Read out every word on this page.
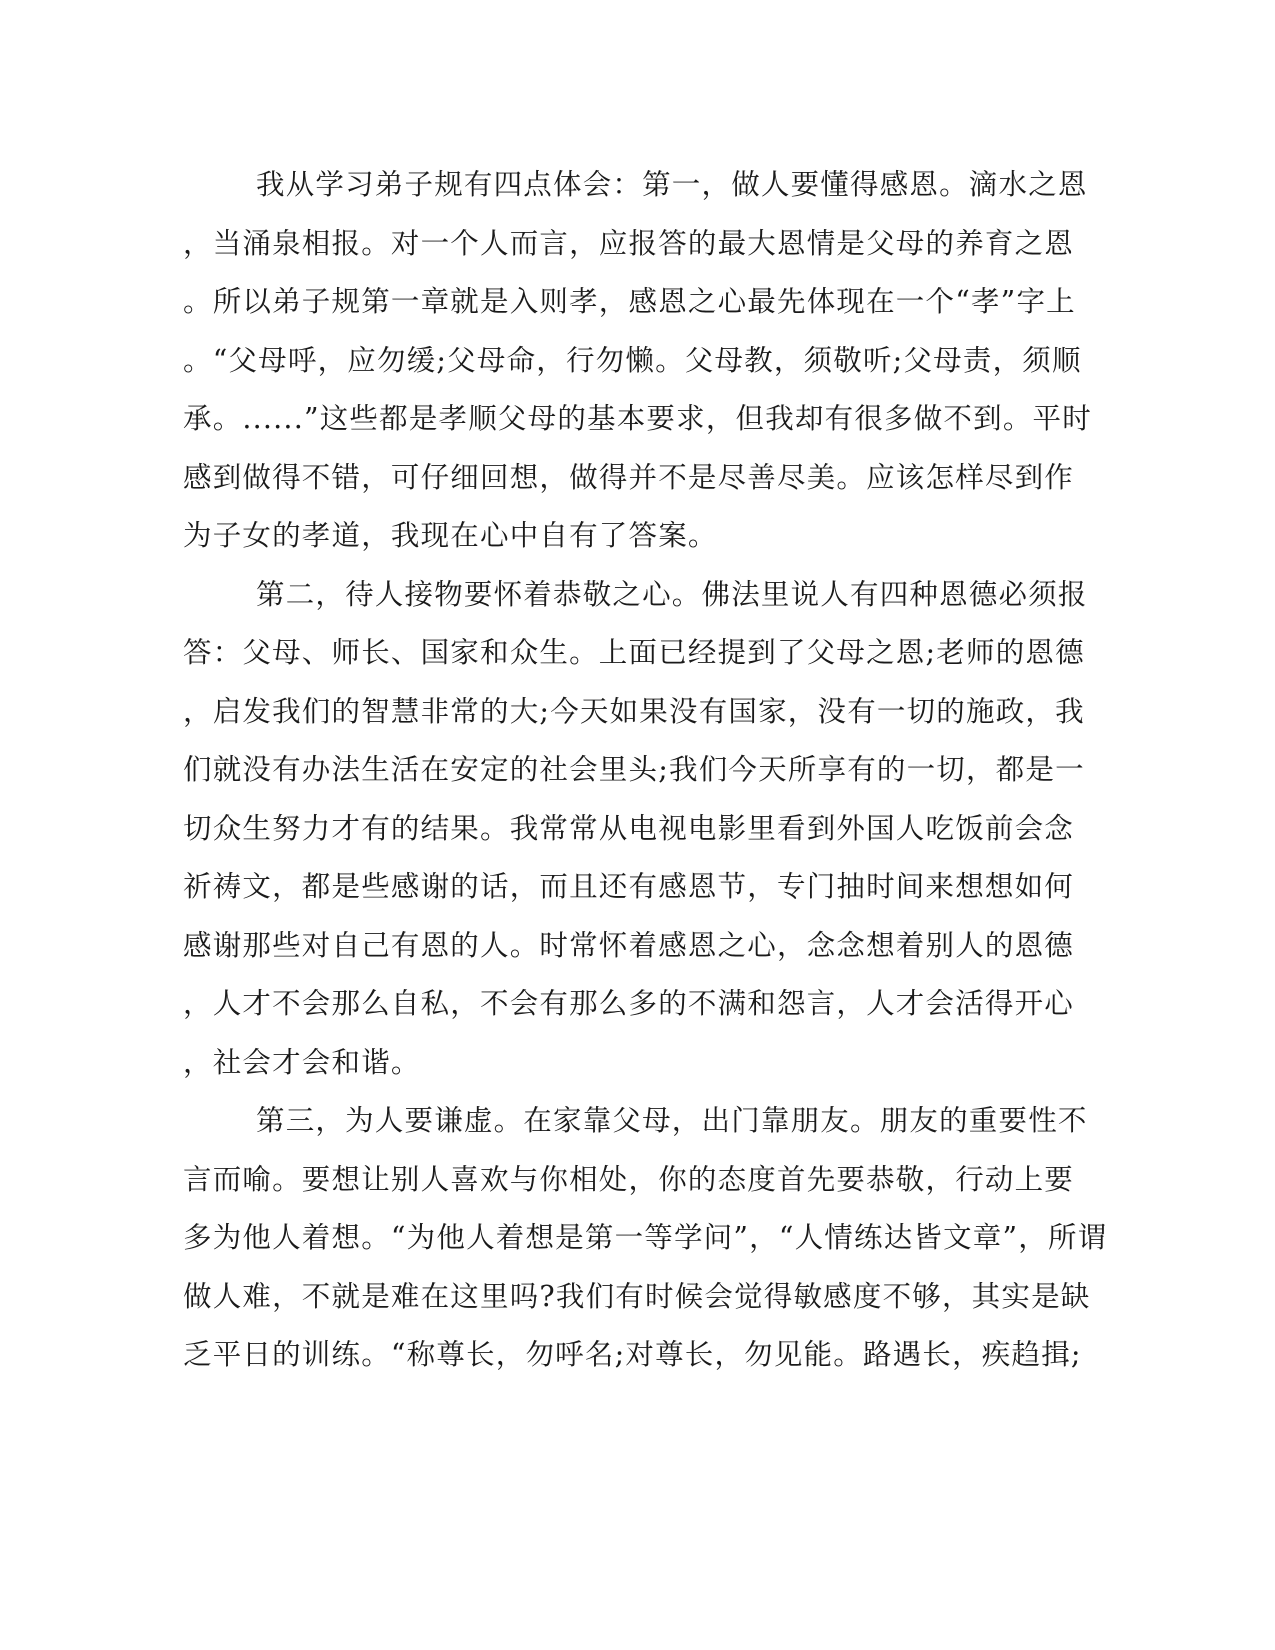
我从学习弟子规有四点体会：第一，做人要懂得感恩。滴水之恩
，当涌泉相报。对一个人而言，应报答的最大恩情是父母的养育之恩
。所以弟子规第一章就是入则孝，感恩之心最先体现在一个“孝”字上
。“父母呼，应勿缓;父母命，行勿懒。父母教，须敬听;父母责，须顺
承。......”这些都是孝顺父母的基本要求，但我却有很多做不到。平时
感到做得不错，可仔细回想，做得并不是尽善尽美。应该怎样尽到作
为子女的孝道，我现在心中自有了答案。
第二，待人接物要怀着恭敬之心。佛法里说人有四种恩德必须报
答：父母、师长、国家和众生。上面已经提到了父母之恩;老师的恩德
，启发我们的智慧非常的大;今天如果没有国家，没有一切的施政，我
们就没有办法生活在安定的社会里头;我们今天所享有的一切，都是一
切众生努力才有的结果。我常常从电视电影里看到外国人吃饭前会念
祈祷文，都是些感谢的话，而且还有感恩节，专门抽时间来想想如何
感谢那些对自己有恩的人。时常怀着感恩之心，念念想着别人的恩德
，人才不会那么自私，不会有那么多的不满和怨言，人才会活得开心
，社会才会和谐。
第三，为人要谦虚。在家靠父母，出门靠朋友。朋友的重要性不
言而喻。要想让别人喜欢与你相处，你的态度首先要恭敬，行动上要
多为他人着想。“为他人着想是第一等学问”，“人情练达皆文章”，所谓
做人难，不就是难在这里吗?我们有时候会觉得敏感度不够，其实是缺
乏平日的训练。“称尊长，勿呼名;对尊长，勿见能。路遇长，疾趋揖;
